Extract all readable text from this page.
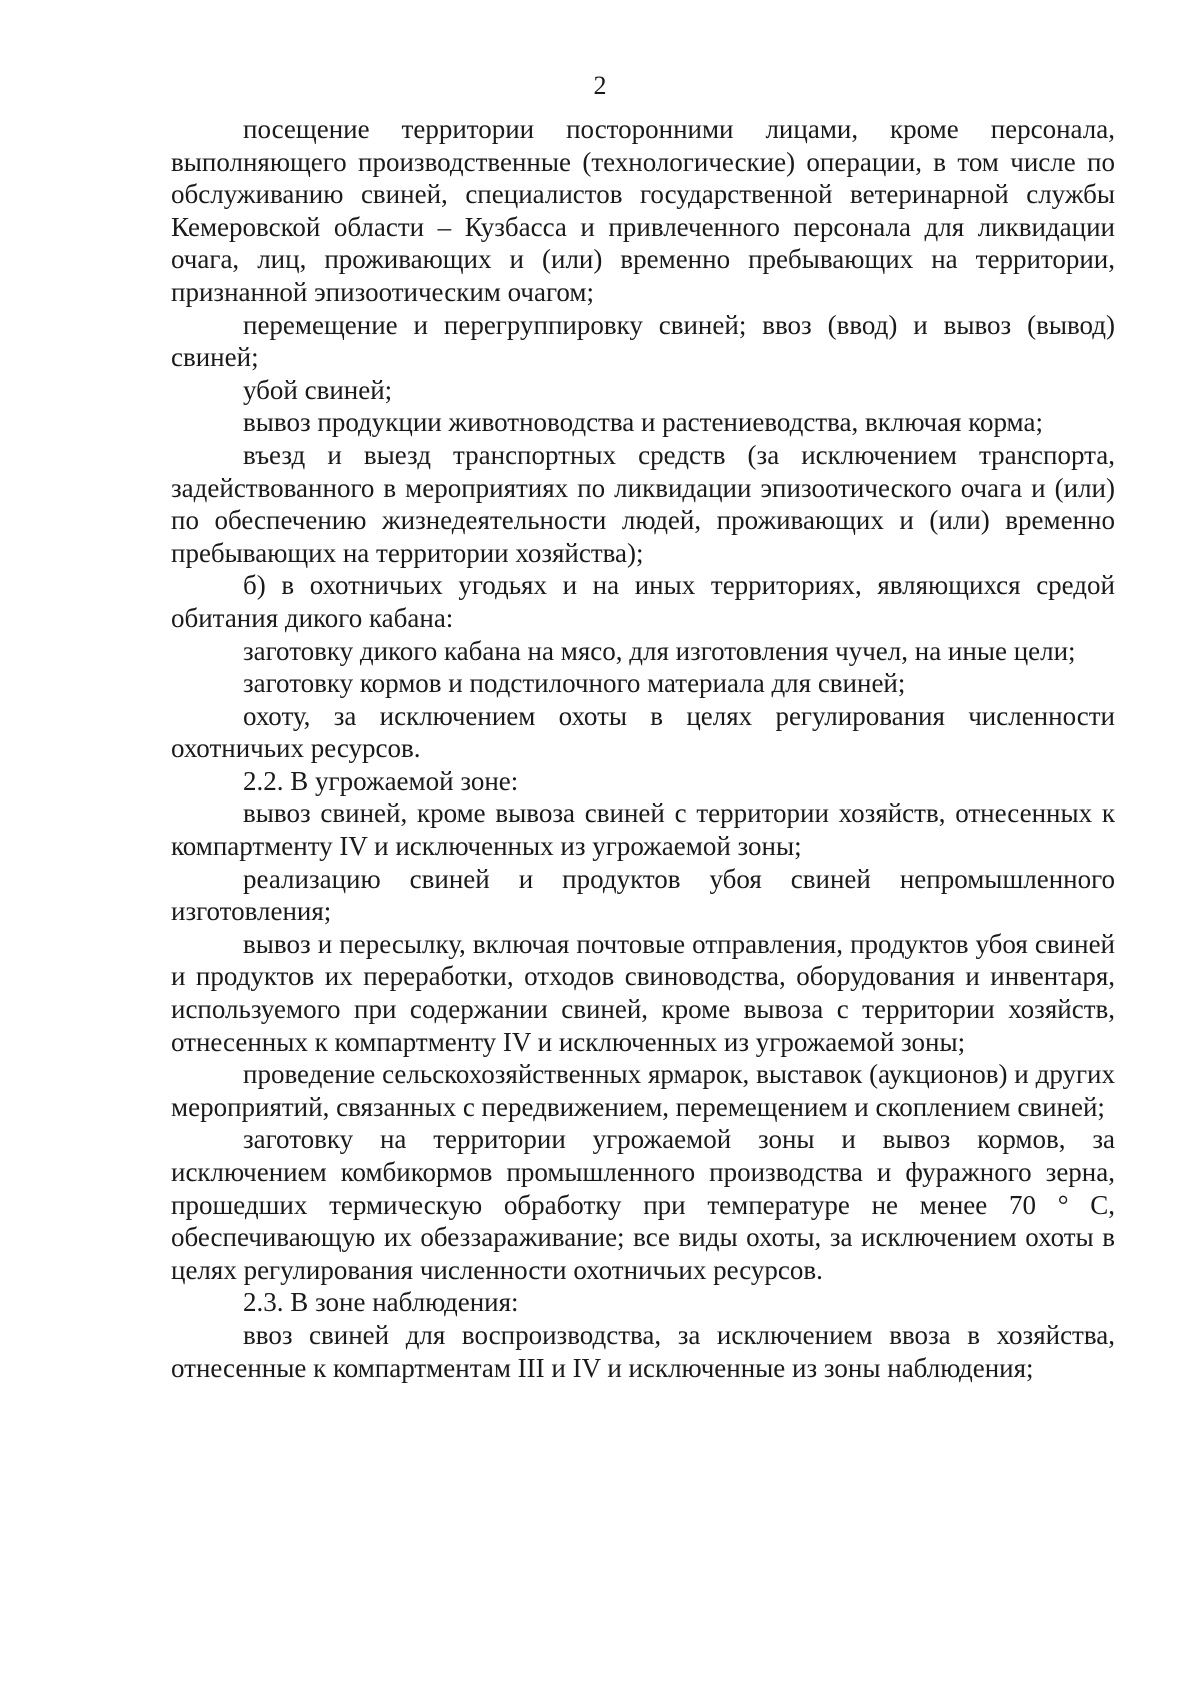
2

посещение территории посторонними лицами, кроме персонала, выполняющего производственные (технологические) операции, в том числе по обслуживанию свиней, специалистов государственной ветеринарной службы Кемеровской области – Кузбасса и привлеченного персонала для ликвидации очага, лиц, проживающих и (или) временно пребывающих на территории, признанной эпизоотическим очагом;

перемещение и перегруппировку свиней; ввоз (ввод) и вывоз (вывод) свиней;

убой свиней;

вывоз продукции животноводства и растениеводства, включая корма;

въезд и выезд транспортных средств (за исключением транспорта, задействованного в мероприятиях по ликвидации эпизоотического очага и (или) по обеспечению жизнедеятельности людей, проживающих и (или) временно пребывающих на территории хозяйства);

б) в охотничьих угодьях и на иных территориях, являющихся средой обитания дикого кабана:

заготовку дикого кабана на мясо, для изготовления чучел, на иные цели;

заготовку кормов и подстилочного материала для свиней;

охоту, за исключением охоты в целях регулирования численности охотничьих ресурсов.

2.2. В угрожаемой зоне:

вывоз свиней, кроме вывоза свиней с территории хозяйств, отнесенных к компартменту IV и исключенных из угрожаемой зоны;

реализацию свиней и продуктов убоя свиней непромышленного изготовления;

вывоз и пересылку, включая почтовые отправления, продуктов убоя свиней и продуктов их переработки, отходов свиноводства, оборудования и инвентаря, используемого при содержании свиней, кроме вывоза с территории хозяйств, отнесенных к компартменту IV и исключенных из угрожаемой зоны;

проведение сельскохозяйственных ярмарок, выставок (аукционов) и других мероприятий, связанных с передвижением, перемещением и скоплением свиней;

заготовку на территории угрожаемой зоны и вывоз кормов, за исключением комбикормов промышленного производства и фуражного зерна, прошедших термическую обработку при температуре не менее 70 ° С, обеспечивающую их обеззараживание; все виды охоты, за исключением охоты в целях регулирования численности охотничьих ресурсов.

2.3. В зоне наблюдения:

ввоз свиней для воспроизводства, за исключением ввоза в хозяйства, отнесенные к компартментам III и IV и исключенные из зоны наблюдения;
